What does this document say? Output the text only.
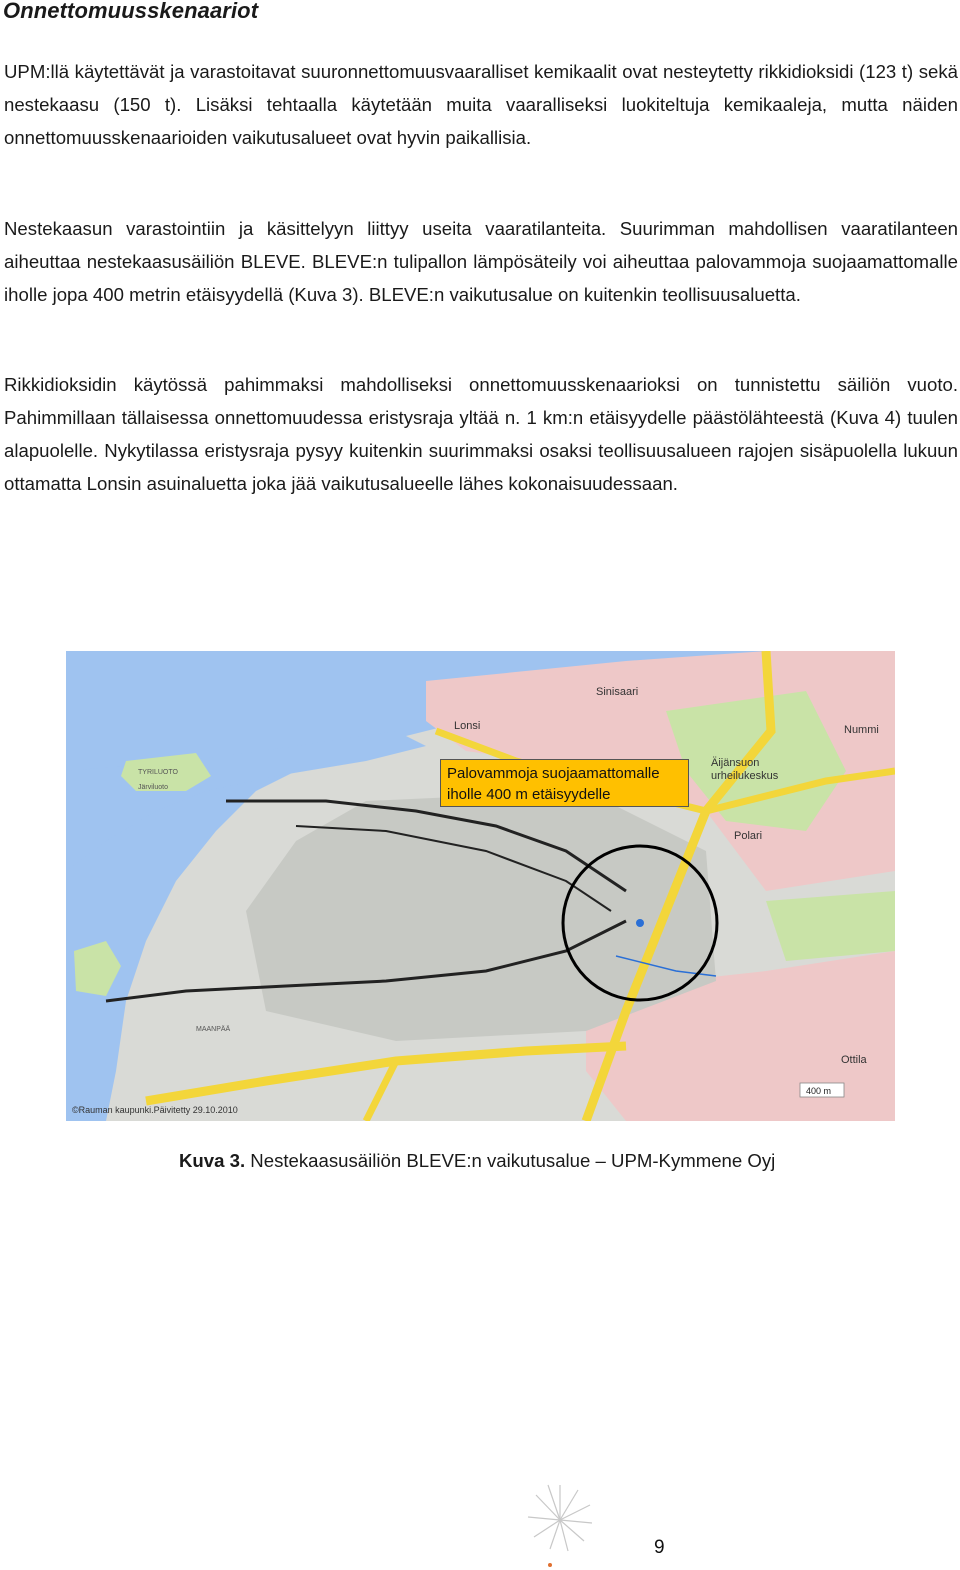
Onnettomuusskenaariot

UPM:llä käytettävät ja varastoitavat suuronnettomuusvaaralliset kemikaalit ovat nesteytetty rikkidioksidi (123 t) sekä nestekaasu (150 t). Lisäksi tehtaalla käytetään muita vaaralliseksi luokiteltuja kemikaaleja, mutta näiden onnettomuusskenaarioiden vaikutusalueet ovat hyvin paikallisia.

Nestekaasun varastointiin ja käsittelyyn liittyy useita vaaratilanteita. Suurimman mahdollisen vaaratilanteen aiheuttaa nestekaasusäiliön BLEVE. BLEVE:n tulipallon lämpösäteily voi aiheuttaa palovammoja suojaamattomalle iholle jopa 400 metrin etäisyydellä (Kuva 3). BLEVE:n vaikutusalue on kuitenkin teollisuusaluetta.

Rikkidioksidin käytössä pahimmaksi mahdolliseksi onnettomuusskenaarioksi on tunnistettu säiliön vuoto. Pahimmillaan tällaisessa onnettomuudessa eristysraja yltää n. 1 km:n etäisyydelle päästölähteestä (Kuva 4) tuulen alapuolelle. Nykytilassa eristysraja pysyy kuitenkin suurimmaksi osaksi teollisuusalueen rajojen sisäpuolella lukuun ottamatta Lonsin asuinaluetta joka jää vaikutusalueelle lähes kokonaisuudessaan.

Sinisaari
Lonsi	Nummi
Äijänsuon
urheilukeskus
Polari
Ottila
TYRILUOTO
Järviluoto
MAANPÄÄ
400 m
©Rauman kaupunki.Päivitetty 29.10.2010
Palovammoja suojaamattomalle
iholle 400 m etäisyydelle

Kuva 3. Nestekaasusäiliön BLEVE:n vaikutusalue – UPM-Kymmene Oyj

9
